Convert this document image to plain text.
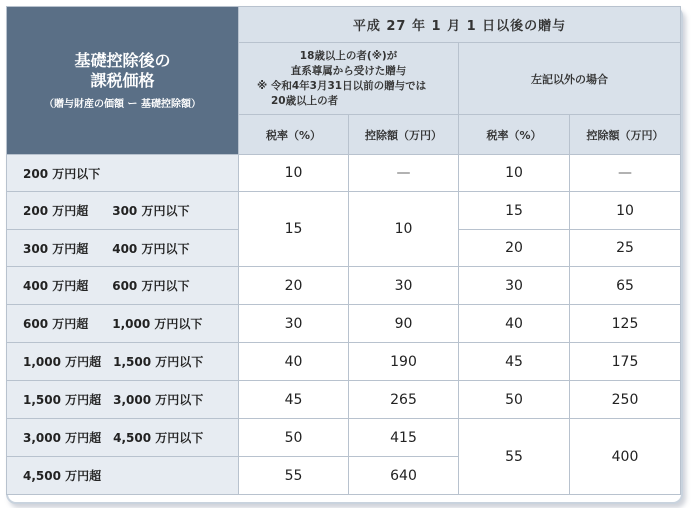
基礎控除後の
課税価格
（贈与財産の価額 ー 基礎控除額）	平成 27 年 1 月 1 日以後の贈与			

	18歳以上の者(※)が
直系尊属から受けた贈与
※ 令和4年3月31日以前の贈与では
20歳以上の者		左記以外の場合	
	税率（%）	控除額（万円）	税率（%）	控除額（万円）
200 万円以下	10	—	10	—
200 万円超　　300 万円以下	15	10	15	10
300 万円超　　400 万円以下			20	25
400 万円超　　600 万円以下	20	30	30	65
600 万円超　　1,000 万円以下	30	90	40	125
1,000 万円超　1,500 万円以下	40	190	45	175
1,500 万円超　3,000 万円以下	45	265	50	250
3,000 万円超　4,500 万円以下	50	415	55	400
4,500 万円超	55	640		
